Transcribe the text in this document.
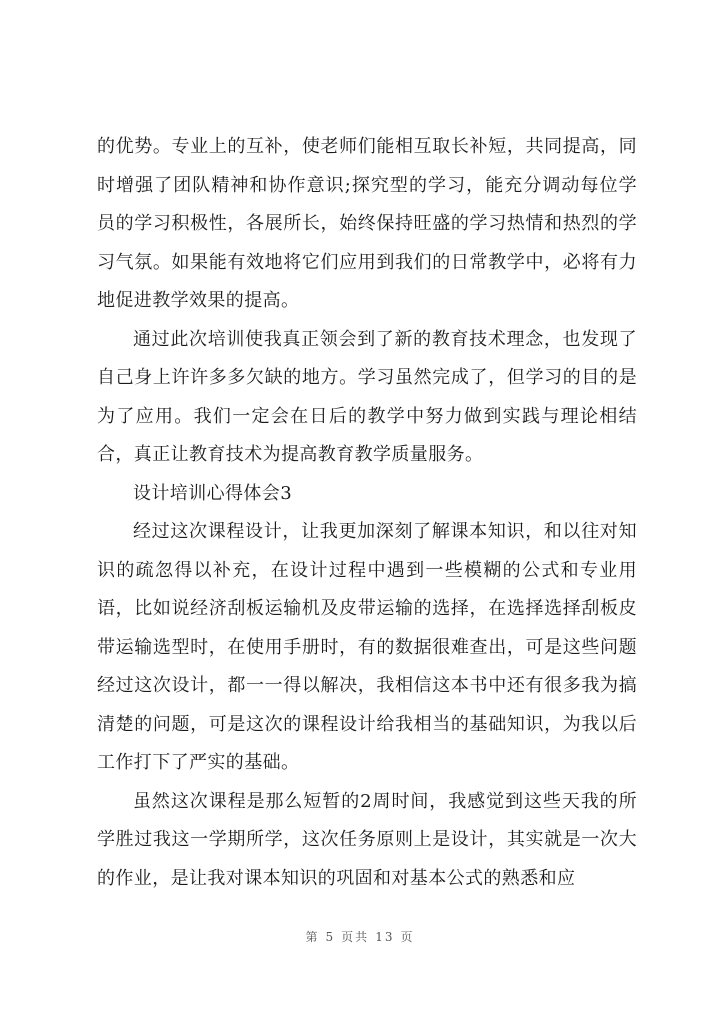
的优势。专业上的互补，使老师们能相互取长补短，共同提高，同时增强了团队精神和协作意识;探究型的学习，能充分调动每位学员的学习积极性，各展所长，始终保持旺盛的学习热情和热烈的学习气氛。如果能有效地将它们应用到我们的日常教学中，必将有力地促进教学效果的提高。

通过此次培训使我真正领会到了新的教育技术理念，也发现了自己身上许许多多欠缺的地方。学习虽然完成了，但学习的目的是为了应用。我们一定会在日后的教学中努力做到实践与理论相结合，真正让教育技术为提高教育教学质量服务。

设计培训心得体会3

经过这次课程设计，让我更加深刻了解课本知识，和以往对知识的疏忽得以补充，在设计过程中遇到一些模糊的公式和专业用语，比如说经济刮板运输机及皮带运输的选择，在选择选择刮板皮带运输选型时，在使用手册时，有的数据很难查出，可是这些问题经过这次设计，都一一得以解决，我相信这本书中还有很多我为搞清楚的问题，可是这次的课程设计给我相当的基础知识，为我以后工作打下了严实的基础。

虽然这次课程是那么短暂的2周时间，我感觉到这些天我的所学胜过我这一学期所学，这次任务原则上是设计，其实就是一次大的作业，是让我对课本知识的巩固和对基本公式的熟悉和应

第 5 页共 13 页
